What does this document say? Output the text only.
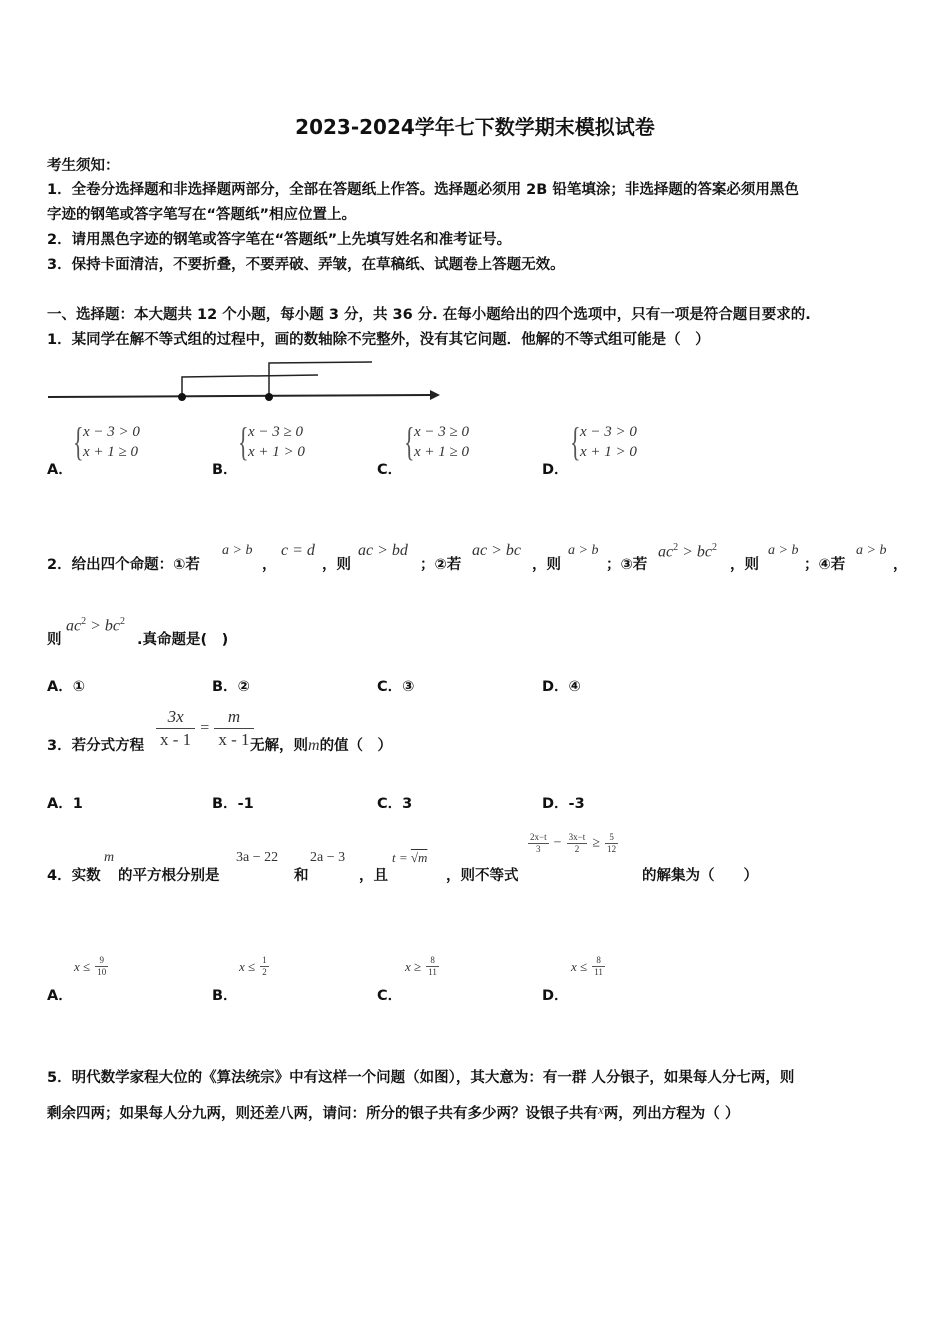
2023-2024学年七下数学期末模拟试卷
考生须知：
1．全卷分选择题和非选择题两部分，全部在答题纸上作答。选择题必须用 2B 铅笔填涂；非选择题的答案必须用黑色
字迹的钢笔或答字笔写在“答题纸”相应位置上。
2．请用黑色字迹的钢笔或答字笔在“答题纸”上先填写姓名和准考证号。
3．保持卡面清洁，不要折叠，不要弄破、弄皱，在草稿纸、试题卷上答题无效。
一、选择题：本大题共 12 个小题，每小题 3 分，共 36 分. 在每小题给出的四个选项中，只有一项是符合题目要求的.
1．某同学在解不等式组的过程中，画的数轴除不完整外，没有其它问题．他解的不等式组可能是（　）
A．
{ x − 3 > 0
x + 1 ≥ 0
B．
{ x − 3 ≥ 0
x + 1 > 0
C．
{ x − 3 ≥ 0
x + 1 ≥ 0
D．
{ x − 3 > 0
x + 1 > 0
2．给出四个命题：①若
a > b
，
c = d
，则
ac > bd
；②若
ac > bc
，则
a > b
；③若
$ac^2 > bc^2$
，则
a > b
；④若
a > b
，
则
$ac^2 > bc^2$
.真命题是(　)
A．①	B．②	C．③	D．④
3．若分式方程 $\frac{3x}{x - 1} = \frac{m}{x - 1}$
无解，则m的值（　）
A．1	B．-1	C．3	D．-3
4．实数
m
的平方根分别是
3a − 22
和
2a − 3
，且
t = √m
，则不等式
$\frac{2x-t}{3} - \frac{3x-t}{2} \ge \frac{5}{12}$
的解集为（　　）
A．
$x \le \frac{9}{10}$
B．
$x \le \frac{1}{2}$
C．
$x \ge \frac{8}{11}$
D．
$x \le \frac{8}{11}$
5．明代数学家程大位的《算法统宗》中有这样一个问题（如图），其大意为：有一群 人分银子，如果每人分七两，则
剩余四两；如果每人分九两，则还差八两，请问：所分的银子共有多少两？设银子共有x两，列出方程为（ ）
